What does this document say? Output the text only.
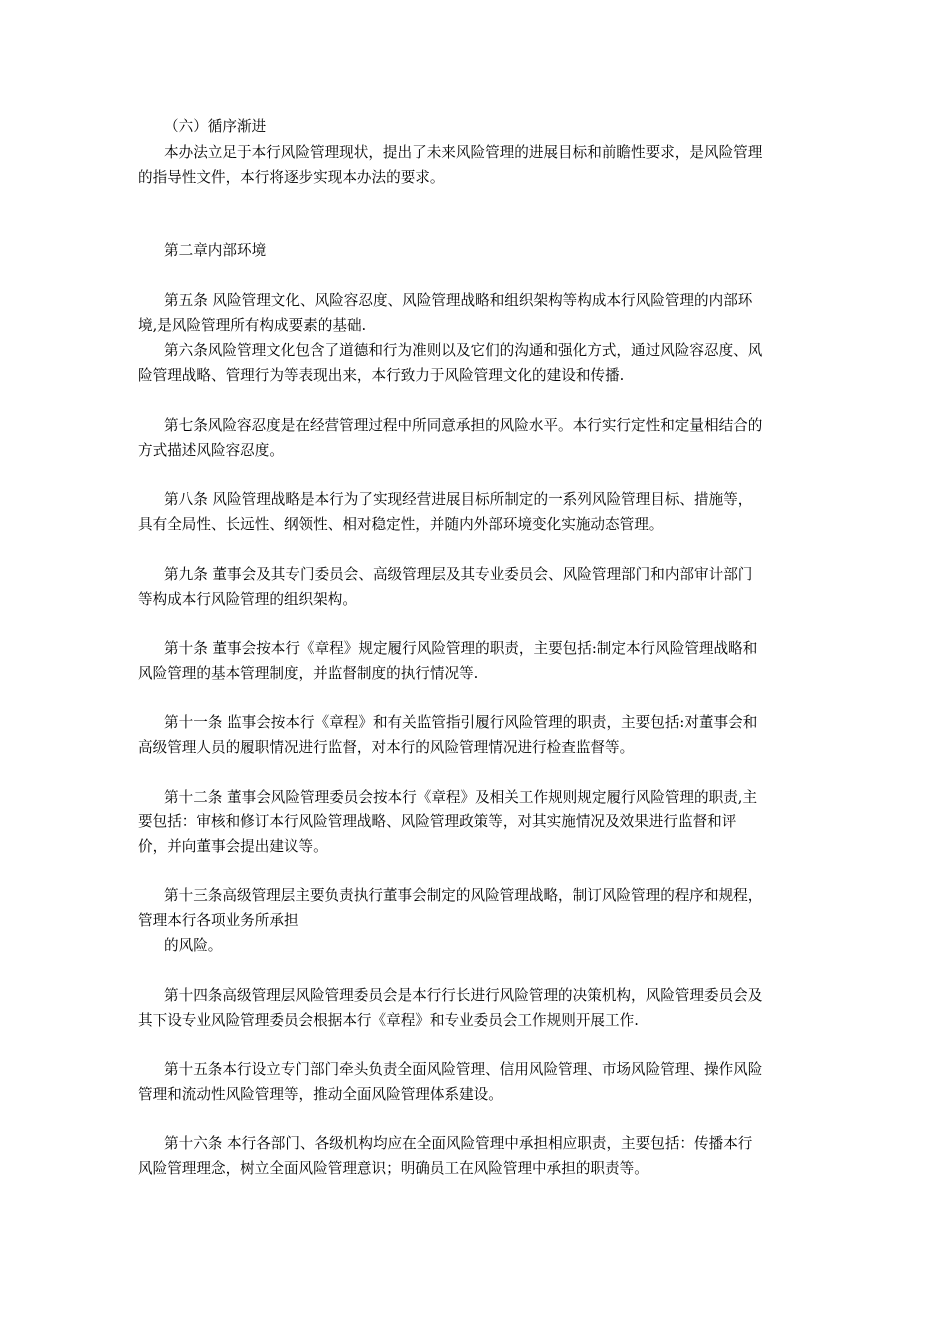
（六）循序渐进

本办法立足于本行风险管理现状，提出了未来风险管理的进展目标和前瞻性要求，是风险管理

的指导性文件，本行将逐步实现本办法的要求。

第二章内部环境

第五条 风险管理文化、风险容忍度、风险管理战略和组织架构等构成本行风险管理的内部环

境,是风险管理所有构成要素的基础.

第六条风险管理文化包含了道德和行为准则以及它们的沟通和强化方式，通过风险容忍度、风

险管理战略、管理行为等表现出来，本行致力于风险管理文化的建设和传播.

第七条风险容忍度是在经营管理过程中所同意承担的风险水平。本行实行定性和定量相结合的

方式描述风险容忍度。

第八条 风险管理战略是本行为了实现经营进展目标所制定的一系列风险管理目标、措施等，

具有全局性、长远性、纲领性、相对稳定性，并随内外部环境变化实施动态管理。

第九条 董事会及其专门委员会、高级管理层及其专业委员会、风险管理部门和内部审计部门

等构成本行风险管理的组织架构。

第十条 董事会按本行《章程》规定履行风险管理的职责，主要包括:制定本行风险管理战略和

风险管理的基本管理制度，并监督制度的执行情况等.

第十一条 监事会按本行《章程》和有关监管指引履行风险管理的职责，主要包括:对董事会和

高级管理人员的履职情况进行监督，对本行的风险管理情况进行检查监督等。

第十二条 董事会风险管理委员会按本行《章程》及相关工作规则规定履行风险管理的职责,主

要包括：审核和修订本行风险管理战略、风险管理政策等，对其实施情况及效果进行监督和评

价，并向董事会提出建议等。

第十三条高级管理层主要负责执行董事会制定的风险管理战略，制订风险管理的程序和规程，

管理本行各项业务所承担

的风险。

第十四条高级管理层风险管理委员会是本行行长进行风险管理的决策机构，风险管理委员会及

其下设专业风险管理委员会根据本行《章程》和专业委员会工作规则开展工作.

第十五条本行设立专门部门牵头负责全面风险管理、信用风险管理、市场风险管理、操作风险

管理和流动性风险管理等，推动全面风险管理体系建设。

第十六条 本行各部门、各级机构均应在全面风险管理中承担相应职责，主要包括：传播本行

风险管理理念，树立全面风险管理意识；明确员工在风险管理中承担的职责等。
